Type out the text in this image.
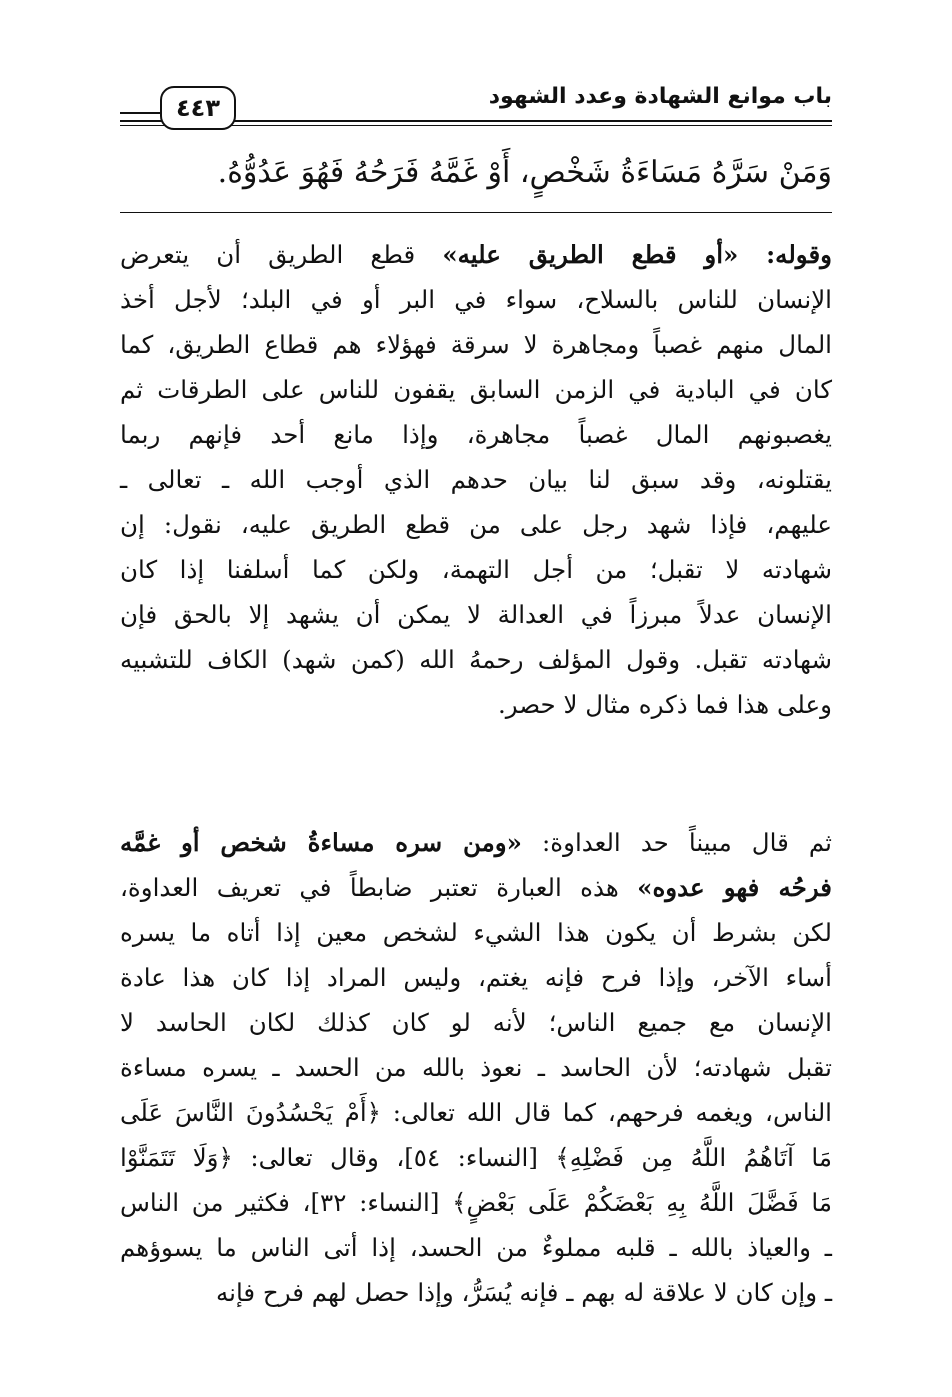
٤٤٣	باب موانع الشهادة وعدد الشهود
وَمَنْ سَرَّهُ مَسَاءَةُ شَخْصٍ، أَوْ غَمَّهُ فَرَحُهُ فَهُوَ عَدُوُّهُ.
وقوله: «أو قطع الطريق عليه» قطع الطريق أن يتعرض
الإنسان للناس بالسلاح، سواء في البر أو في البلد؛ لأجل أخذ
المال منهم غصباً ومجاهرة لا سرقة فهؤلاء هم قطاع الطريق، كما
كان في البادية في الزمن السابق يقفون للناس على الطرقات ثم
يغصبونهم المال غصباً مجاهرة، وإذا مانع أحد فإنهم ربما
يقتلونه، وقد سبق لنا بيان حدهم الذي أوجب الله ـ تعالى ـ
عليهم، فإذا شهد رجل على من قطع الطريق عليه، نقول: إن
شهادته لا تقبل؛ من أجل التهمة، ولكن كما أسلفنا إذا كان
الإنسان عدلاً مبرزاً في العدالة لا يمكن أن يشهد إلا بالحق فإن
شهادته تقبل. وقول المؤلف رحمهُ الله (كمن شهد) الكاف للتشبيه
وعلى هذا فما ذكره مثال لا حصر.
ثم قال مبيناً حد العداوة: «ومن سره مساءةُ شخص أو غمَّه
فرحُه فهو عدوه» هذه العبارة تعتبر ضابطاً في تعريف العداوة،
لكن بشرط أن يكون هذا الشيء لشخص معين إذا أتاه ما يسره
أساء الآخر، وإذا فرح فإنه يغتم، وليس المراد إذا كان هذا عادة
الإنسان مع جميع الناس؛ لأنه لو كان كذلك لكان الحاسد لا
تقبل شهادته؛ لأن الحاسد ـ نعوذ بالله من الحسد ـ يسره مساءة
الناس، ويغمه فرحهم، كما قال الله تعالى: ﴿أَمْ يَحْسُدُونَ النَّاسَ عَلَى
مَا آتَاهُمُ اللَّهُ مِن فَضْلِهِ﴾ [النساء: ٥٤]، وقال تعالى: ﴿وَلَا تَتَمَنَّوْا
مَا فَضَّلَ اللَّهُ بِهِ بَعْضَكُمْ عَلَى بَعْضٍ﴾ [النساء: ٣٢]، فكثير من الناس
ـ والعياذ بالله ـ قلبه مملوءٌ من الحسد، إذا أتى الناس ما يسوؤهم
ـ وإن كان لا علاقة له بهم ـ فإنه يُسَرُّ، وإذا حصل لهم فرح فإنه
